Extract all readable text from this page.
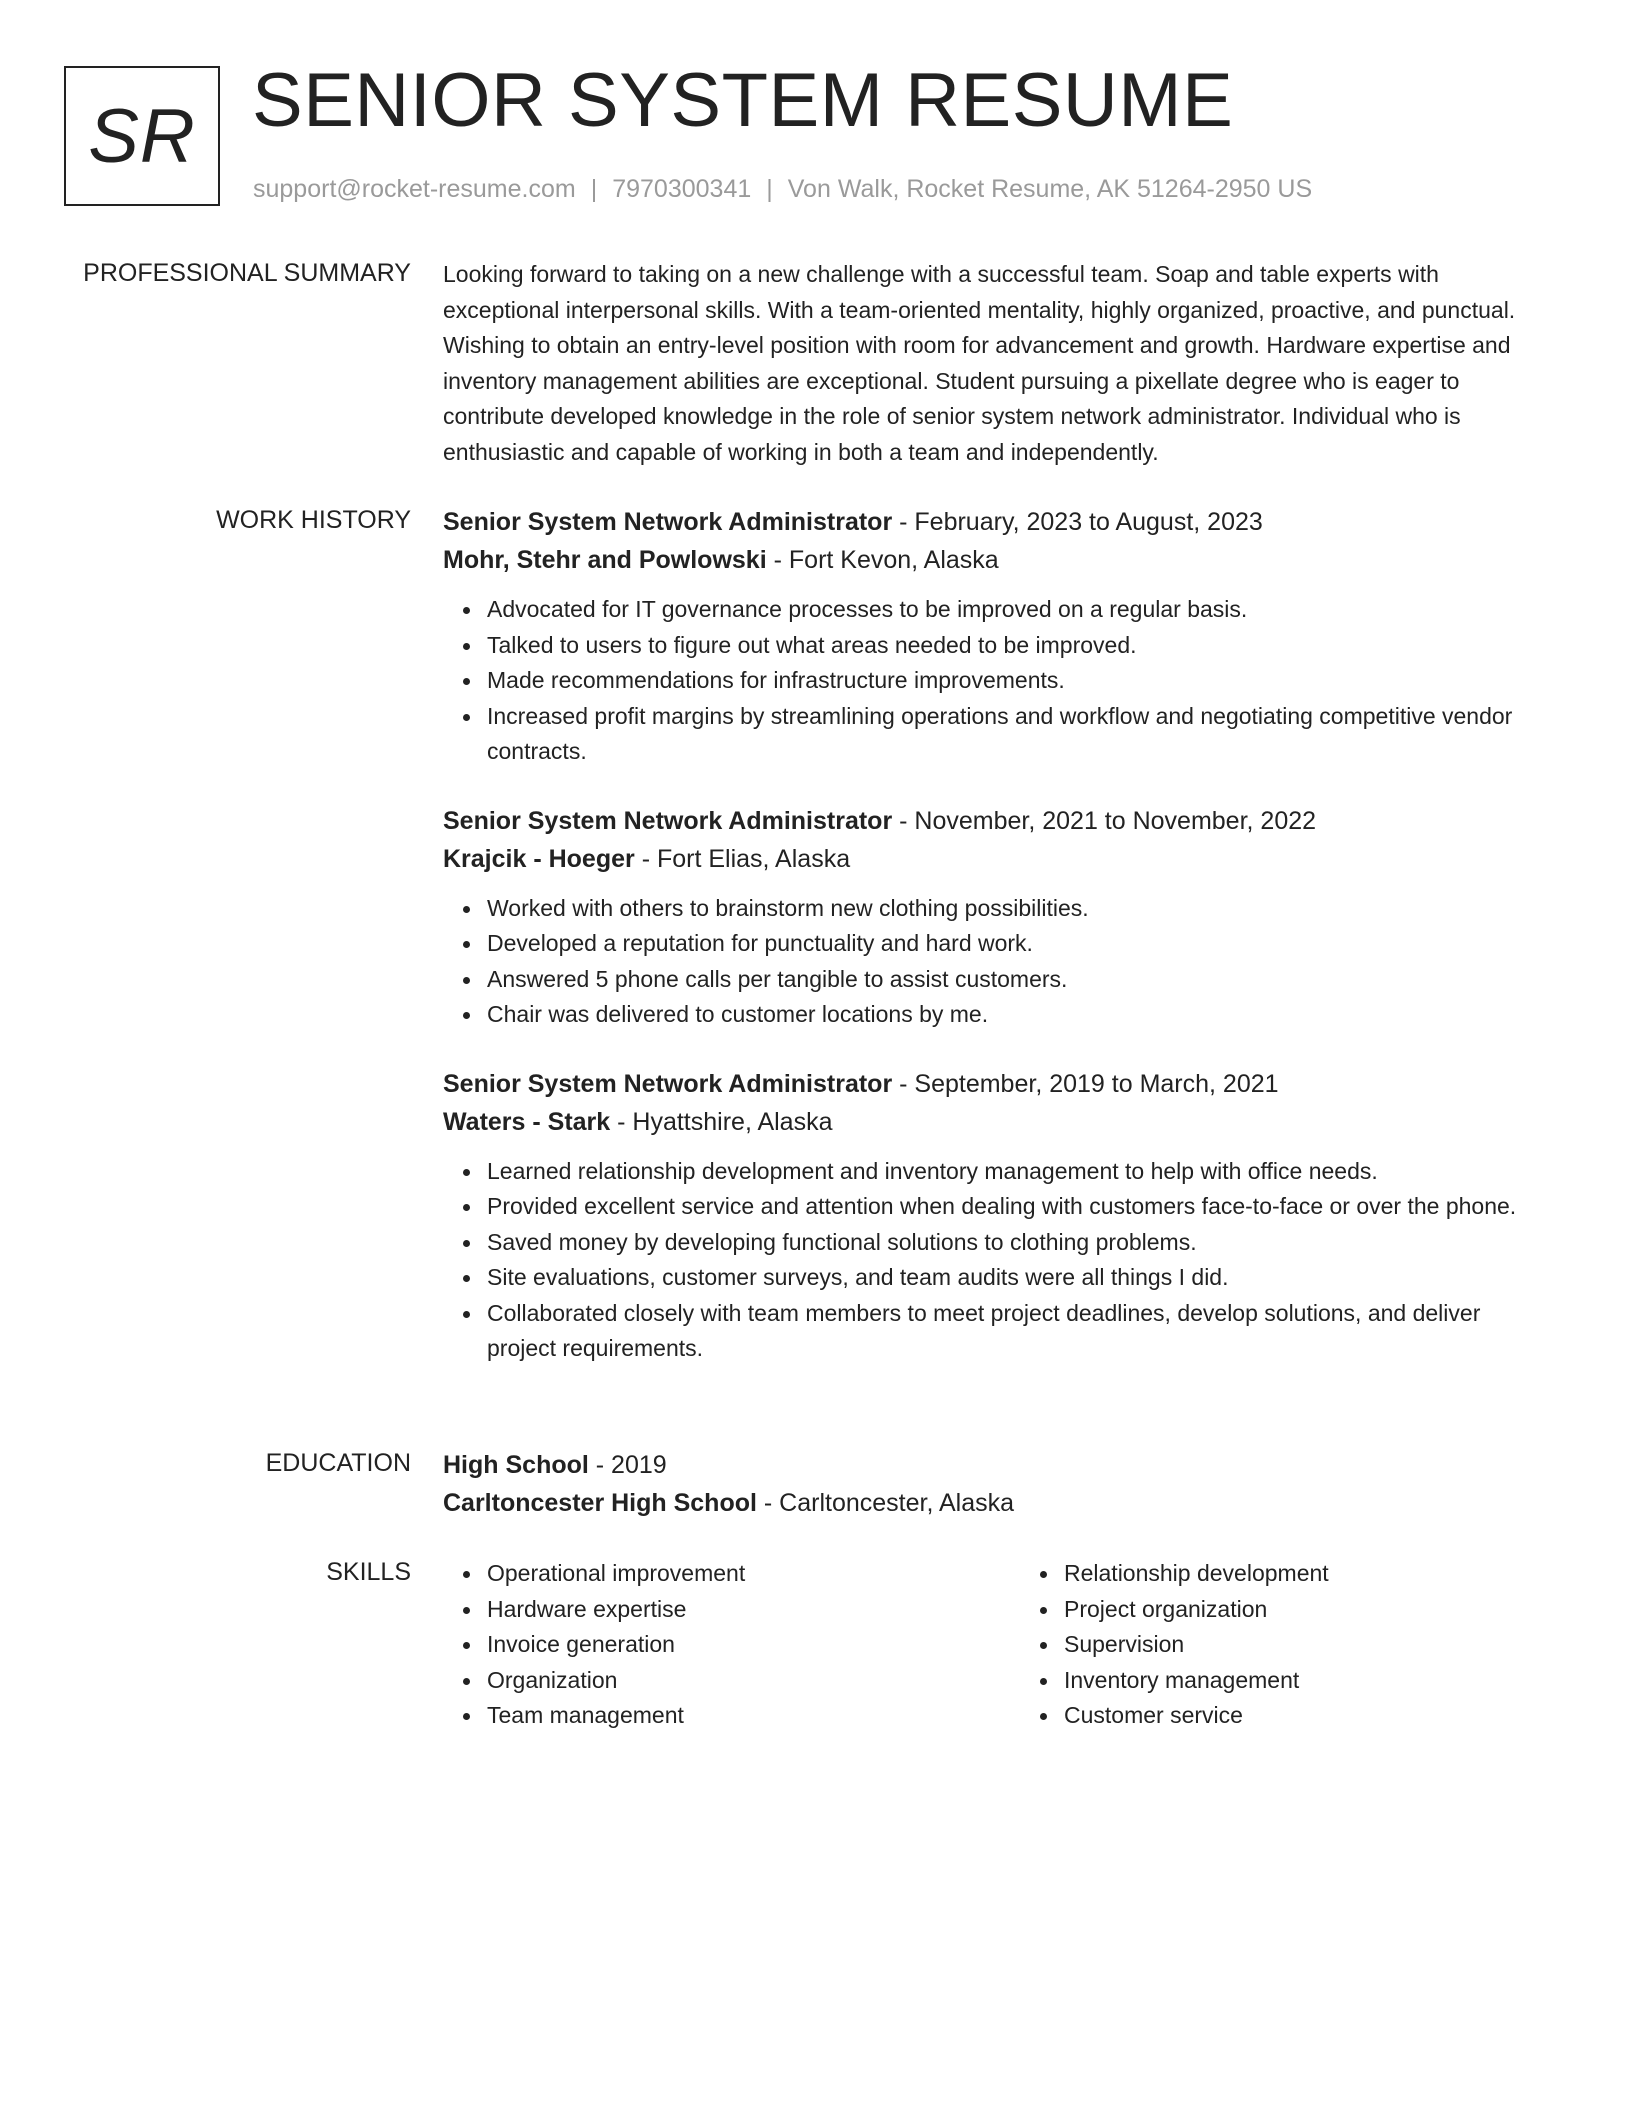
SR SENIOR SYSTEM RESUME
support@rocket-resume.com | 7970300341 | Von Walk, Rocket Resume, AK 51264-2950 US
PROFESSIONAL SUMMARY Looking forward to taking on a new challenge with a successful team. Soap and table experts with exceptional interpersonal skills. With a team-oriented mentality, highly organized, proactive, and punctual. Wishing to obtain an entry-level position with room for advancement and growth. Hardware expertise and inventory management abilities are exceptional. Student pursuing a pixellate degree who is eager to contribute developed knowledge in the role of senior system network administrator. Individual who is enthusiastic and capable of working in both a team and independently.

WORK HISTORY Senior System Network Administrator - February, 2023 to August, 2023
Mohr, Stehr and Powlowski - Fort Kevon, Alaska
Advocated for IT governance processes to be improved on a regular basis.
Talked to users to figure out what areas needed to be improved.
Made recommendations for infrastructure improvements.
Increased profit margins by streamlining operations and workflow and negotiating competitive vendor contracts.
Senior System Network Administrator - November, 2021 to November, 2022
Krajcik - Hoeger - Fort Elias, Alaska
Worked with others to brainstorm new clothing possibilities.
Developed a reputation for punctuality and hard work.
Answered 5 phone calls per tangible to assist customers.
Chair was delivered to customer locations by me.
Senior System Network Administrator - September, 2019 to March, 2021
Waters - Stark - Hyattshire, Alaska
Learned relationship development and inventory management to help with office needs.
Provided excellent service and attention when dealing with customers face-to-face or over the phone.
Saved money by developing functional solutions to clothing problems.
Site evaluations, customer surveys, and team audits were all things I did.
Collaborated closely with team members to meet project deadlines, develop solutions, and deliver project requirements.
EDUCATION High School - 2019
Carltoncester High School - Carltoncester, Alaska
SKILLS	Operational improvement
Hardware expertise
Invoice generation
Organization
Team management
Relationship development
Project organization
Supervision
Inventory management
Customer service
